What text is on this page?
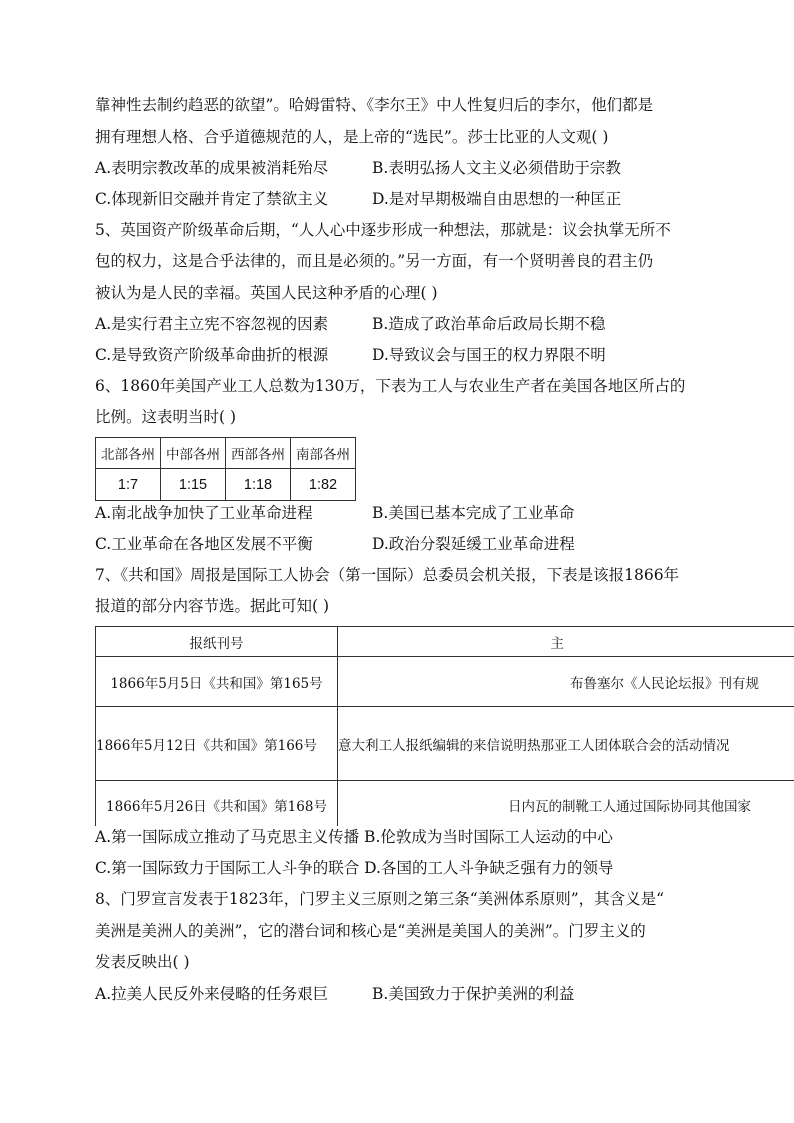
靠神性去制约趋恶的欲望”。哈姆雷特、《李尔王》中人性复归后的李尔，他们都是
拥有理想人格、合乎道德规范的人，是上帝的“选民”。莎士比亚的人文观( )
A.表明宗教改革的成果被消耗殆尽	B.表明弘扬人文主义必须借助于宗教
C.体现新旧交融并肯定了禁欲主义	D.是对早期极端自由思想的一种匡正
5、英国资产阶级革命后期，“人人心中逐步形成一种想法，那就是：议会执掌无所不
包的权力，这是合乎法律的，而且是必须的。”另一方面，有一个贤明善良的君主仍
被认为是人民的幸福。英国人民这种矛盾的心理( )
A.是实行君主立宪不容忽视的因素	B.造成了政治革命后政局长期不稳
C.是导致资产阶级革命曲折的根源	D.导致议会与国王的权力界限不明
6、1860年美国产业工人总数为130万，下表为工人与农业生产者在美国各地区所占的
比例。这表明当时( )
北部各州	中部各州	西部各州	南部各州
1:7	1:15	1:18	1:82
A.南北战争加快了工业革命进程	B.美国已基本完成了工业革命
C.工业革命在各地区发展不平衡	D.政治分裂延缓工业革命进程
7、《共和国》周报是国际工人协会（第一国际）总委员会机关报，下表是该报1866年
报道的部分内容节选。据此可知( )
报纸刊号	主
1866年5月5日《共和国》第165号	布鲁塞尔《人民论坛报》刊有规
1866年5月12日《共和国》第166号	意大利工人报纸编辑的来信说明热那亚工人团体联合会的活动情况
1866年5月26日《共和国》第168号	日内瓦的制靴工人通过国际协同其他国家
A.第一国际成立推动了马克思主义传播 B.伦敦成为当时国际工人运动的中心
C.第一国际致力于国际工人斗争的联合 D.各国的工人斗争缺乏强有力的领导
8、门罗宣言发表于1823年，门罗主义三原则之第三条“美洲体系原则”，其含义是“
美洲是美洲人的美洲”，它的潜台词和核心是“美洲是美国人的美洲”。门罗主义的
发表反映出( )
A.拉美人民反外来侵略的任务艰巨	B.美国致力于保护美洲的利益
